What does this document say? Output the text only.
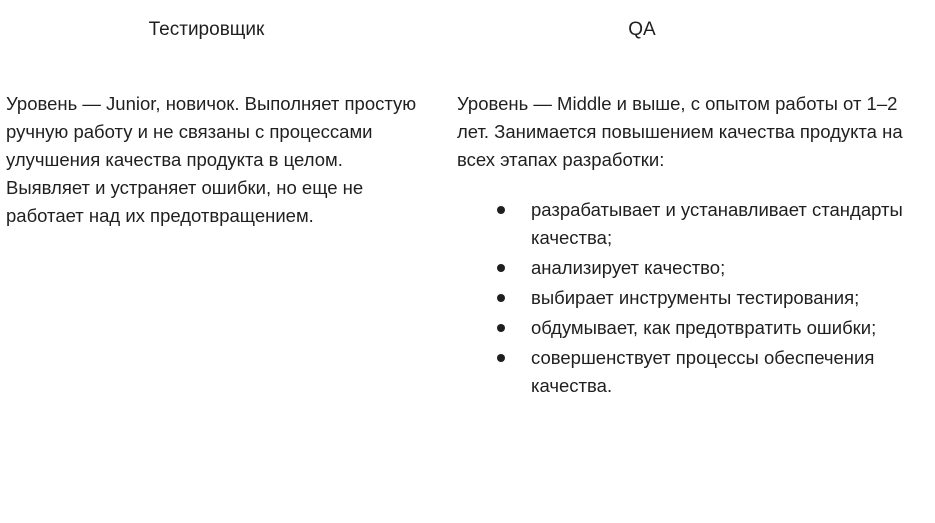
Тестировщик

Уровень — Junior, новичок. Выполняет простую ручную работу и не связаны с процессами улучшения качества продукта в целом. Выявляет и устраняет ошибки, но еще не работает над их предотвращением.

QA

Уровень — Middle и выше, с опытом работы от 1–2 лет. Занимается повышением качества продукта на всех этапах разработки:

разрабатывает и устанавливает стандарты качества;
анализирует качество;
выбирает инструменты тестирования;
обдумывает, как предотвратить ошибки;
совершенствует процессы обеспечения качества.
